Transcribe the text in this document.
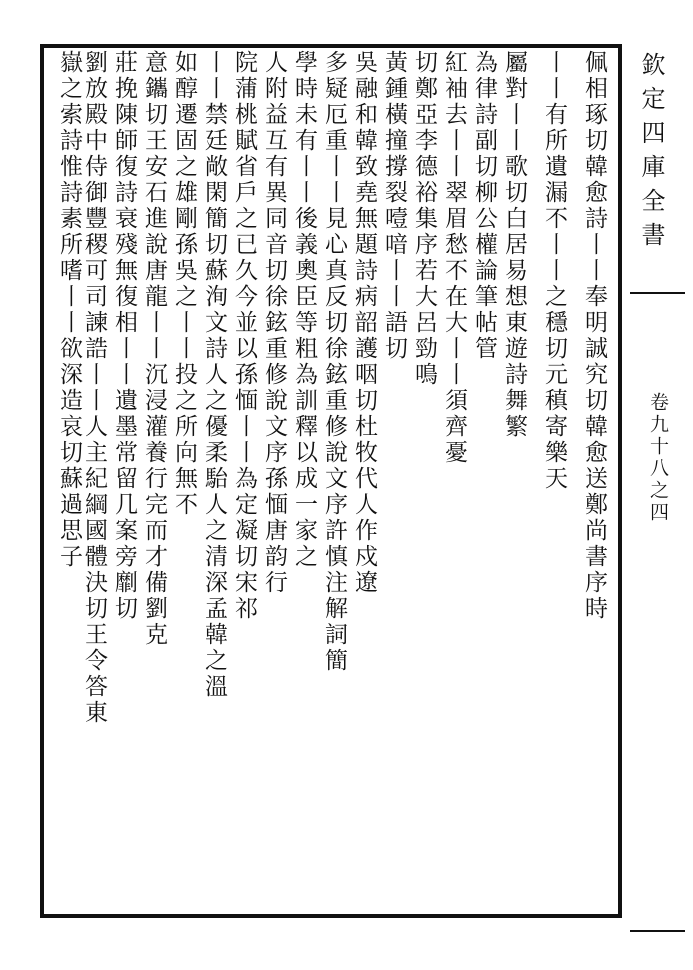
欽定四庫全書
卷九十八之四
佩相琢切韓愈詩丨丨奉明誠究切韓愈送鄭尚書序時
丨丨有所遺漏不丨丨之穩切元稹寄樂天
屬對丨丨歌切白居易想東遊詩舞繁
為律詩副切柳公權論筆帖管
紅袖去丨丨翠眉愁不在大丨丨須齊憂
切鄭亞李德裕集序若大呂勁鳴
黃鍾橫撞撐裂噎喑丨丨語切
吳融和韓致堯無題詩病韶護咽切杜牧代人作戍遼
多疑厄重丨丨見心真反切徐鉉重修說文序許慎注解詞簡
學時未有丨丨後義奧臣等粗為訓釋以成一家之
人附益互有異同音切徐鉉重修說文序孫愐唐韵行
院蒲桃賦省戶之已久今並以孫愐丨丨為定凝切宋祁
丨丨禁廷敞閑簡切蘇洵文詩人之優柔駘人之清深孟韓之溫
如醇遷固之雄剛孫吳之丨丨投之所向無不
意鑴切王安石進說唐龍丨丨沉浸灌養行完而才備劉克
莊挽陳師復詩衰殘無復相丨丨遺墨常留几案旁劘切
劉放殿中侍御豐稷可司諫誥丨丨人主紀綱國體決切王令答東
嶽之索詩惟詩素所嗜丨丨欲深造哀切蘇過思子
